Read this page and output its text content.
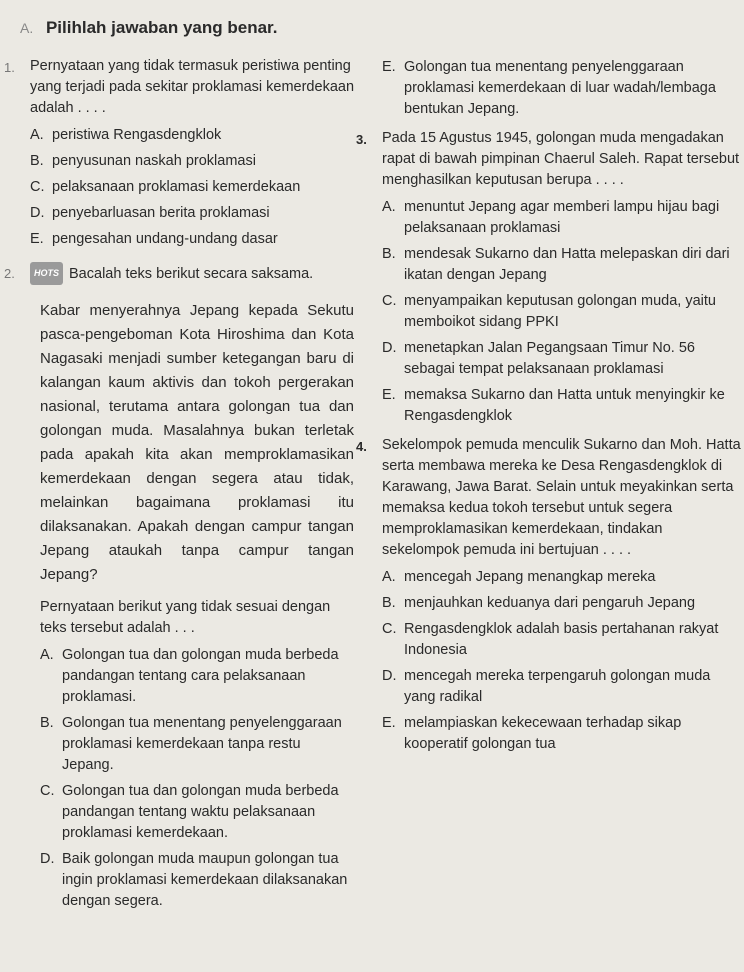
A. Pilihlah jawaban yang benar.
1.	Pernyataan yang tidak termasuk peristiwa penting yang terjadi pada sekitar proklamasi kemerdekaan adalah . . . .
A. peristiwa Rengasdengklok
B. penyusunan naskah proklamasi
C. pelaksanaan proklamasi kemerdekaan
D. penyebarluasan berita proklamasi
E. pengesahan undang-undang dasar
2.	HOTS Bacalah teks berikut secara saksama.
Kabar menyerahnya Jepang kepada Sekutu pasca-pengeboman Kota Hiroshima dan Kota Nagasaki menjadi sumber ketegangan baru di kalangan kaum aktivis dan tokoh pergerakan nasional, terutama antara golongan tua dan golongan muda. Masalahnya bukan terletak pada apakah kita akan memproklamasikan kemerdekaan dengan segera atau tidak, melainkan bagaimana proklamasi itu dilaksanakan. Apakah dengan campur tangan Jepang ataukah tanpa campur tangan Jepang?
Pernyataan berikut yang tidak sesuai dengan teks tersebut adalah . . .
A. Golongan tua dan golongan muda berbeda pandangan tentang cara pelaksanaan proklamasi.
B. Golongan tua menentang penyelenggaraan proklamasi kemerdekaan tanpa restu Jepang.
C. Golongan tua dan golongan muda berbeda pandangan tentang waktu pelaksanaan proklamasi kemerdekaan.
D. Baik golongan muda maupun golongan tua ingin proklamasi kemerdekaan dilaksanakan dengan segera.
E. Golongan tua menentang penyelenggaraan proklamasi kemerdekaan di luar wadah/lembaga bentukan Jepang.
3.	Pada 15 Agustus 1945, golongan muda mengadakan rapat di bawah pimpinan Chaerul Saleh. Rapat tersebut menghasilkan keputusan berupa . . . .
A. menuntut Jepang agar memberi lampu hijau bagi pelaksanaan proklamasi
B. mendesak Sukarno dan Hatta melepaskan diri dari ikatan dengan Jepang
C. menyampaikan keputusan golongan muda, yaitu memboikot sidang PPKI
D. menetapkan Jalan Pegangsaan Timur No. 56 sebagai tempat pelaksanaan proklamasi
E. memaksa Sukarno dan Hatta untuk menyingkir ke Rengasdengklok
4.	Sekelompok pemuda menculik Sukarno dan Moh. Hatta serta membawa mereka ke Desa Rengasdengklok di Karawang, Jawa Barat. Selain untuk meyakinkan serta memaksa kedua tokoh tersebut untuk segera memproklamasikan kemerdekaan, tindakan sekelompok pemuda ini bertujuan . . . .
A. mencegah Jepang menangkap mereka
B. menjauhkan keduanya dari pengaruh Jepang
C. Rengasdengklok adalah basis pertahanan rakyat Indonesia
D. mencegah mereka terpengaruh golongan muda yang radikal
E. melampiaskan kekecewaan terhadap sikap kooperatif golongan tua
